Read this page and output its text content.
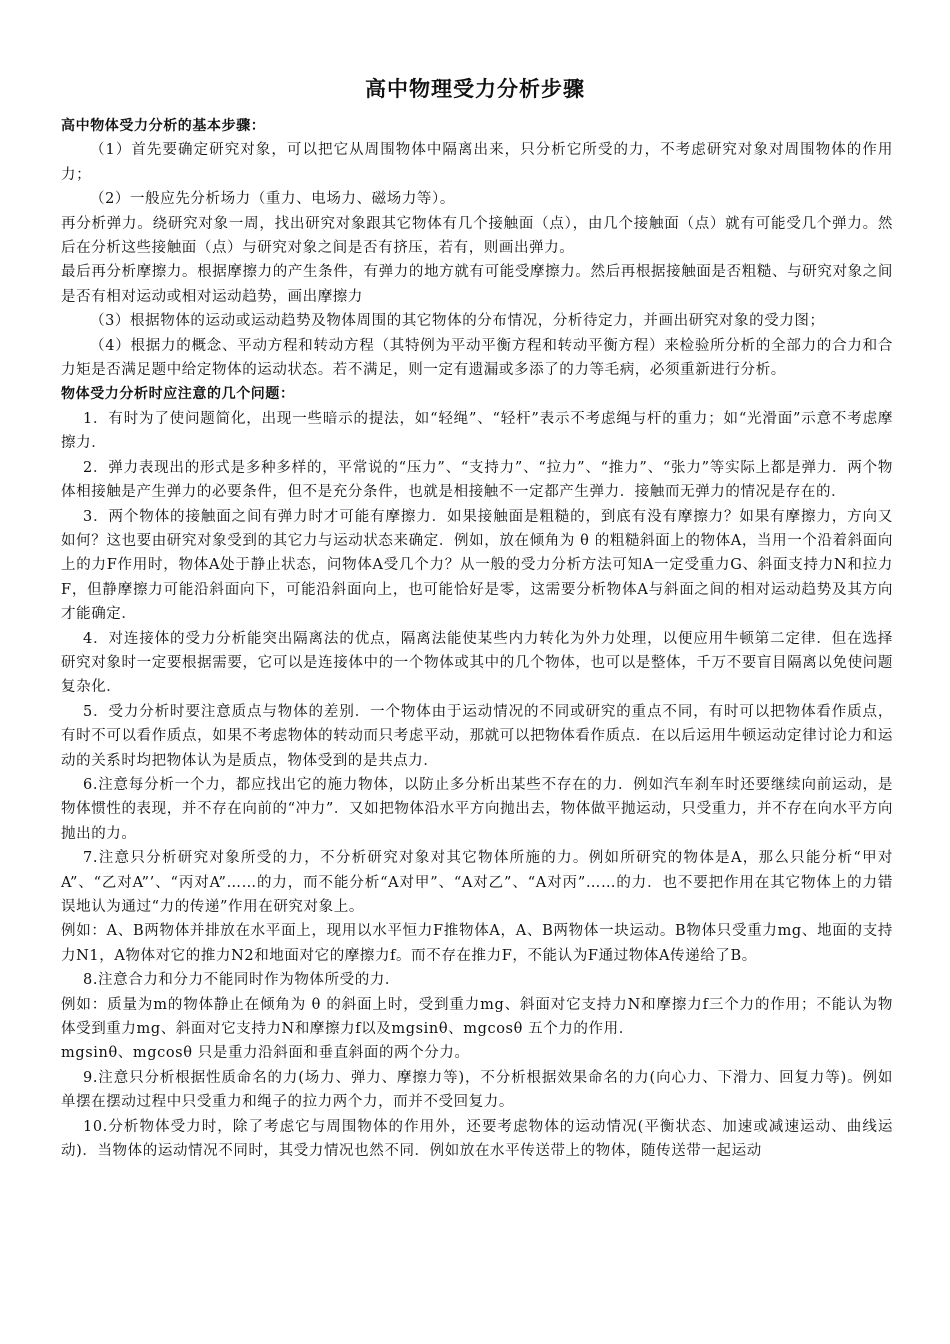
高中物理受力分析步骤

高中物体受力分析的基本步骤：

（1）首先要确定研究对象，可以把它从周围物体中隔离出来，只分析它所受的力，不考虑研究对象对周围物体的作用力；

（2）一般应先分析场力（重力、电场力、磁场力等）。

再分析弹力。绕研究对象一周，找出研究对象跟其它物体有几个接触面（点），由几个接触面（点）就有可能受几个弹力。然后在分析这些接触面（点）与研究对象之间是否有挤压，若有，则画出弹力。

最后再分析摩擦力。根据摩擦力的产生条件，有弹力的地方就有可能受摩擦力。然后再根据接触面是否粗糙、与研究对象之间是否有相对运动或相对运动趋势，画出摩擦力

（3）根据物体的运动或运动趋势及物体周围的其它物体的分布情况，分析待定力，并画出研究对象的受力图；

（4）根据力的概念、平动方程和转动方程（其特例为平动平衡方程和转动平衡方程）来检验所分析的全部力的合力和合力矩是否满足题中给定物体的运动状态。若不满足，则一定有遗漏或多添了的力等毛病，必须重新进行分析。

物体受力分析时应注意的几个问题：

1．有时为了使问题简化，出现一些暗示的提法，如“轻绳”、“轻杆”表示不考虑绳与杆的重力；如“光滑面”示意不考虑摩擦力．

2．弹力表现出的形式是多种多样的，平常说的“压力”、“支持力”、“拉力”、“推力”、“张力”等实际上都是弹力．两个物体相接触是产生弹力的必要条件，但不是充分条件，也就是相接触不一定都产生弹力．接触而无弹力的情况是存在的．

3．两个物体的接触面之间有弹力时才可能有摩擦力．如果接触面是粗糙的，到底有没有摩擦力？如果有摩擦力，方向又如何？这也要由研究对象受到的其它力与运动状态来确定．例如，放在倾角为 θ 的粗糙斜面上的物体A，当用一个沿着斜面向上的力F作用时，物体A处于静止状态，问物体A受几个力？从一般的受力分析方法可知A一定受重力G、斜面支持力N和拉力F，但静摩擦力可能沿斜面向下，可能沿斜面向上，也可能恰好是零，这需要分析物体A与斜面之间的相对运动趋势及其方向才能确定．

4．对连接体的受力分析能突出隔离法的优点，隔离法能使某些内力转化为外力处理，以便应用牛顿第二定律．但在选择研究对象时一定要根据需要，它可以是连接体中的一个物体或其中的几个物体，也可以是整体，千万不要盲目隔离以免使问题复杂化．

5．受力分析时要注意质点与物体的差别．一个物体由于运动情况的不同或研究的重点不同，有时可以把物体看作质点，有时不可以看作质点，如果不考虑物体的转动而只考虑平动，那就可以把物体看作质点．在以后运用牛顿运动定律讨论力和运动的关系时均把物体认为是质点，物体受到的是共点力．

6.注意每分析一个力，都应找出它的施力物体，以防止多分析出某些不存在的力．例如汽车刹车时还要继续向前运动，是物体惯性的表现，并不存在向前的“冲力”．又如把物体沿水平方向抛出去，物体做平抛运动，只受重力，并不存在向水平方向抛出的力。

7.注意只分析研究对象所受的力，不分析研究对象对其它物体所施的力。例如所研究的物体是A，那么只能分析“甲对A”、“乙对A”’、“丙对A”……的力，而不能分析“A对甲”、“A对乙”、“A对丙”……的力．也不要把作用在其它物体上的力错误地认为通过“力的传递”作用在研究对象上。

例如：A、B两物体并排放在水平面上，现用以水平恒力F推物体A，A、B两物体一块运动。B物体只受重力mg、地面的支持力N1，A物体对它的推力N2和地面对它的摩擦力f。而不存在推力F，不能认为F通过物体A传递给了B。

8.注意合力和分力不能同时作为物体所受的力．

例如：质量为m的物体静止在倾角为 θ 的斜面上时，受到重力mg、斜面对它支持力N和摩擦力f三个力的作用；不能认为物体受到重力mg、斜面对它支持力N和摩擦力f以及mgsinθ、mgcosθ 五个力的作用．

mgsinθ、mgcosθ 只是重力沿斜面和垂直斜面的两个分力。

9.注意只分析根据性质命名的力(场力、弹力、摩擦力等)，不分析根据效果命名的力(向心力、下滑力、回复力等)。例如单摆在摆动过程中只受重力和绳子的拉力两个力，而并不受回复力。

10.分析物体受力时，除了考虑它与周围物体的作用外，还要考虑物体的运动情况(平衡状态、加速或减速运动、曲线运动)．当物体的运动情况不同时，其受力情况也然不同．例如放在水平传送带上的物体，随传送带一起运动
